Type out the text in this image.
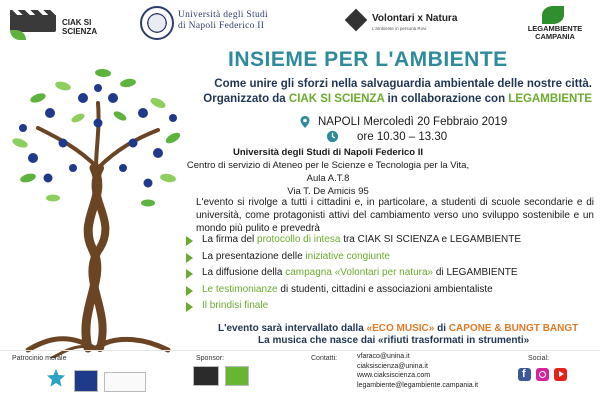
CIAK SI SCIENZA
Università degli Studi
di Napoli Federico II
Volontari x Natura
L'ambiente in persona Rovi	LEGAMBIENTE
CAMPANIA
INSIEME PER L'AMBIENTE
Come unire gli sforzi nella salvaguardia ambientale delle nostre città.
Organizzato da CIAK SI SCIENZA in collaborazione con LEGAMBIENTE
NAPOLI Mercoledì 20 Febbraio 2019
ore 10.30 – 13.30
Università degli Studi di Napoli Federico II
Centro di servizio di Ateneo per le Scienze e Tecnologia per la Vita, Aula A.T.8
Via T. De Amicis 95
L'evento si rivolge a tutti i cittadini e, in particolare, a studenti di scuole secondarie e di università, come protagonisti attivi del cambiamento verso uno sviluppo sostenibile e un mondo più pulito e prevedrà
La firma del protocollo di intesa tra CIAK SI SCIENZA e LEGAMBIENTE
La presentazione delle iniziative congiunte
La diffusione della campagna «Volontari per natura» di LEGAMBIENTE
Le testimonianze di studenti, cittadini e associazioni ambientaliste
Il brindisi finale
L'evento sarà intervallato dalla «ECO MUSIC» di CAPONE & BUNGT BANGT
La musica che nasce dai «rifiuti trasformati in strumenti»
Patrocinio morale	Sponsor:	Contatti:	vfaraco@unina.it
ciaksiscienza@unina.it
www.ciaksiscienza.com
legambiente@legambiente.campania.it
Social:
f
